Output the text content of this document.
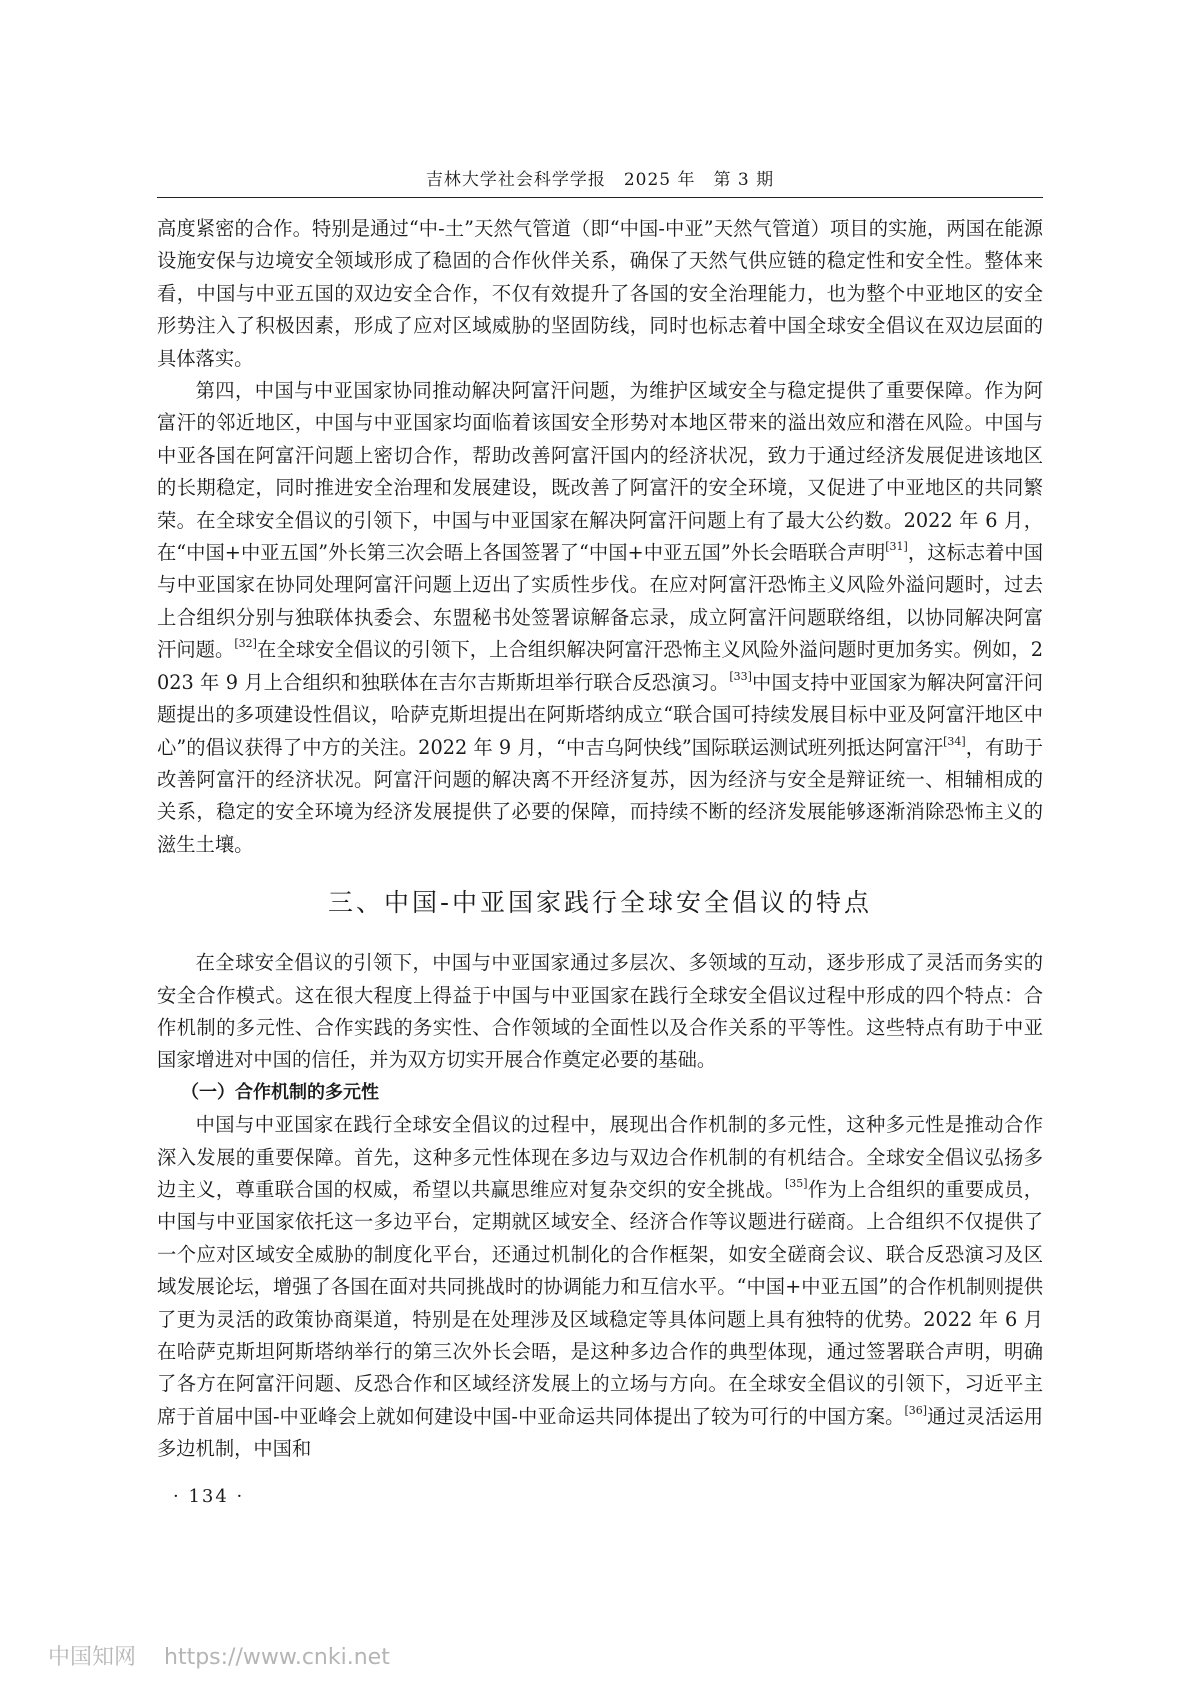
吉林大学社会科学学报　2025 年　第 3 期

高度紧密的合作。特别是通过“中-土”天然气管道（即“中国-中亚”天然气管道）项目的实施，两国在能源设施安保与边境安全领域形成了稳固的合作伙伴关系，确保了天然气供应链的稳定性和安全性。整体来看，中国与中亚五国的双边安全合作，不仅有效提升了各国的安全治理能力，也为整个中亚地区的安全形势注入了积极因素，形成了应对区域威胁的坚固防线，同时也标志着中国全球安全倡议在双边层面的具体落实。

第四，中国与中亚国家协同推动解决阿富汗问题，为维护区域安全与稳定提供了重要保障。作为阿富汗的邻近地区，中国与中亚国家均面临着该国安全形势对本地区带来的溢出效应和潜在风险。中国与中亚各国在阿富汗问题上密切合作，帮助改善阿富汗国内的经济状况，致力于通过经济发展促进该地区的长期稳定，同时推进安全治理和发展建设，既改善了阿富汗的安全环境，又促进了中亚地区的共同繁荣。在全球安全倡议的引领下，中国与中亚国家在解决阿富汗问题上有了最大公约数。2022 年 6 月，在“中国+中亚五国”外长第三次会晤上各国签署了“中国+中亚五国”外长会晤联合声明[31]，这标志着中国与中亚国家在协同处理阿富汗问题上迈出了实质性步伐。在应对阿富汗恐怖主义风险外溢问题时，过去上合组织分别与独联体执委会、东盟秘书处签署谅解备忘录，成立阿富汗问题联络组，以协同解决阿富汗问题。[32]在全球安全倡议的引领下，上合组织解决阿富汗恐怖主义风险外溢问题时更加务实。例如，2023 年 9 月上合组织和独联体在吉尔吉斯斯坦举行联合反恐演习。[33]中国支持中亚国家为解决阿富汗问题提出的多项建设性倡议，哈萨克斯坦提出在阿斯塔纳成立“联合国可持续发展目标中亚及阿富汗地区中心”的倡议获得了中方的关注。2022 年 9 月，“中吉乌阿快线”国际联运测试班列抵达阿富汗[34]，有助于改善阿富汗的经济状况。阿富汗问题的解决离不开经济复苏，因为经济与安全是辩证统一、相辅相成的关系，稳定的安全环境为经济发展提供了必要的保障，而持续不断的经济发展能够逐渐消除恐怖主义的滋生土壤。

三、中国-中亚国家践行全球安全倡议的特点

在全球安全倡议的引领下，中国与中亚国家通过多层次、多领域的互动，逐步形成了灵活而务实的安全合作模式。这在很大程度上得益于中国与中亚国家在践行全球安全倡议过程中形成的四个特点：合作机制的多元性、合作实践的务实性、合作领域的全面性以及合作关系的平等性。这些特点有助于中亚国家增进对中国的信任，并为双方切实开展合作奠定必要的基础。

（一）合作机制的多元性

中国与中亚国家在践行全球安全倡议的过程中，展现出合作机制的多元性，这种多元性是推动合作深入发展的重要保障。首先，这种多元性体现在多边与双边合作机制的有机结合。全球安全倡议弘扬多边主义，尊重联合国的权威，希望以共赢思维应对复杂交织的安全挑战。[35]作为上合组织的重要成员，中国与中亚国家依托这一多边平台，定期就区域安全、经济合作等议题进行磋商。上合组织不仅提供了一个应对区域安全威胁的制度化平台，还通过机制化的合作框架，如安全磋商会议、联合反恐演习及区域发展论坛，增强了各国在面对共同挑战时的协调能力和互信水平。“中国+中亚五国”的合作机制则提供了更为灵活的政策协商渠道，特别是在处理涉及区域稳定等具体问题上具有独特的优势。2022 年 6 月在哈萨克斯坦阿斯塔纳举行的第三次外长会晤，是这种多边合作的典型体现，通过签署联合声明，明确了各方在阿富汗问题、反恐合作和区域经济发展上的立场与方向。在全球安全倡议的引领下，习近平主席于首届中国-中亚峰会上就如何建设中国-中亚命运共同体提出了较为可行的中国方案。[36]通过灵活运用多边机制，中国和

· 134 ·
中国知网 https://www.cnki.net
